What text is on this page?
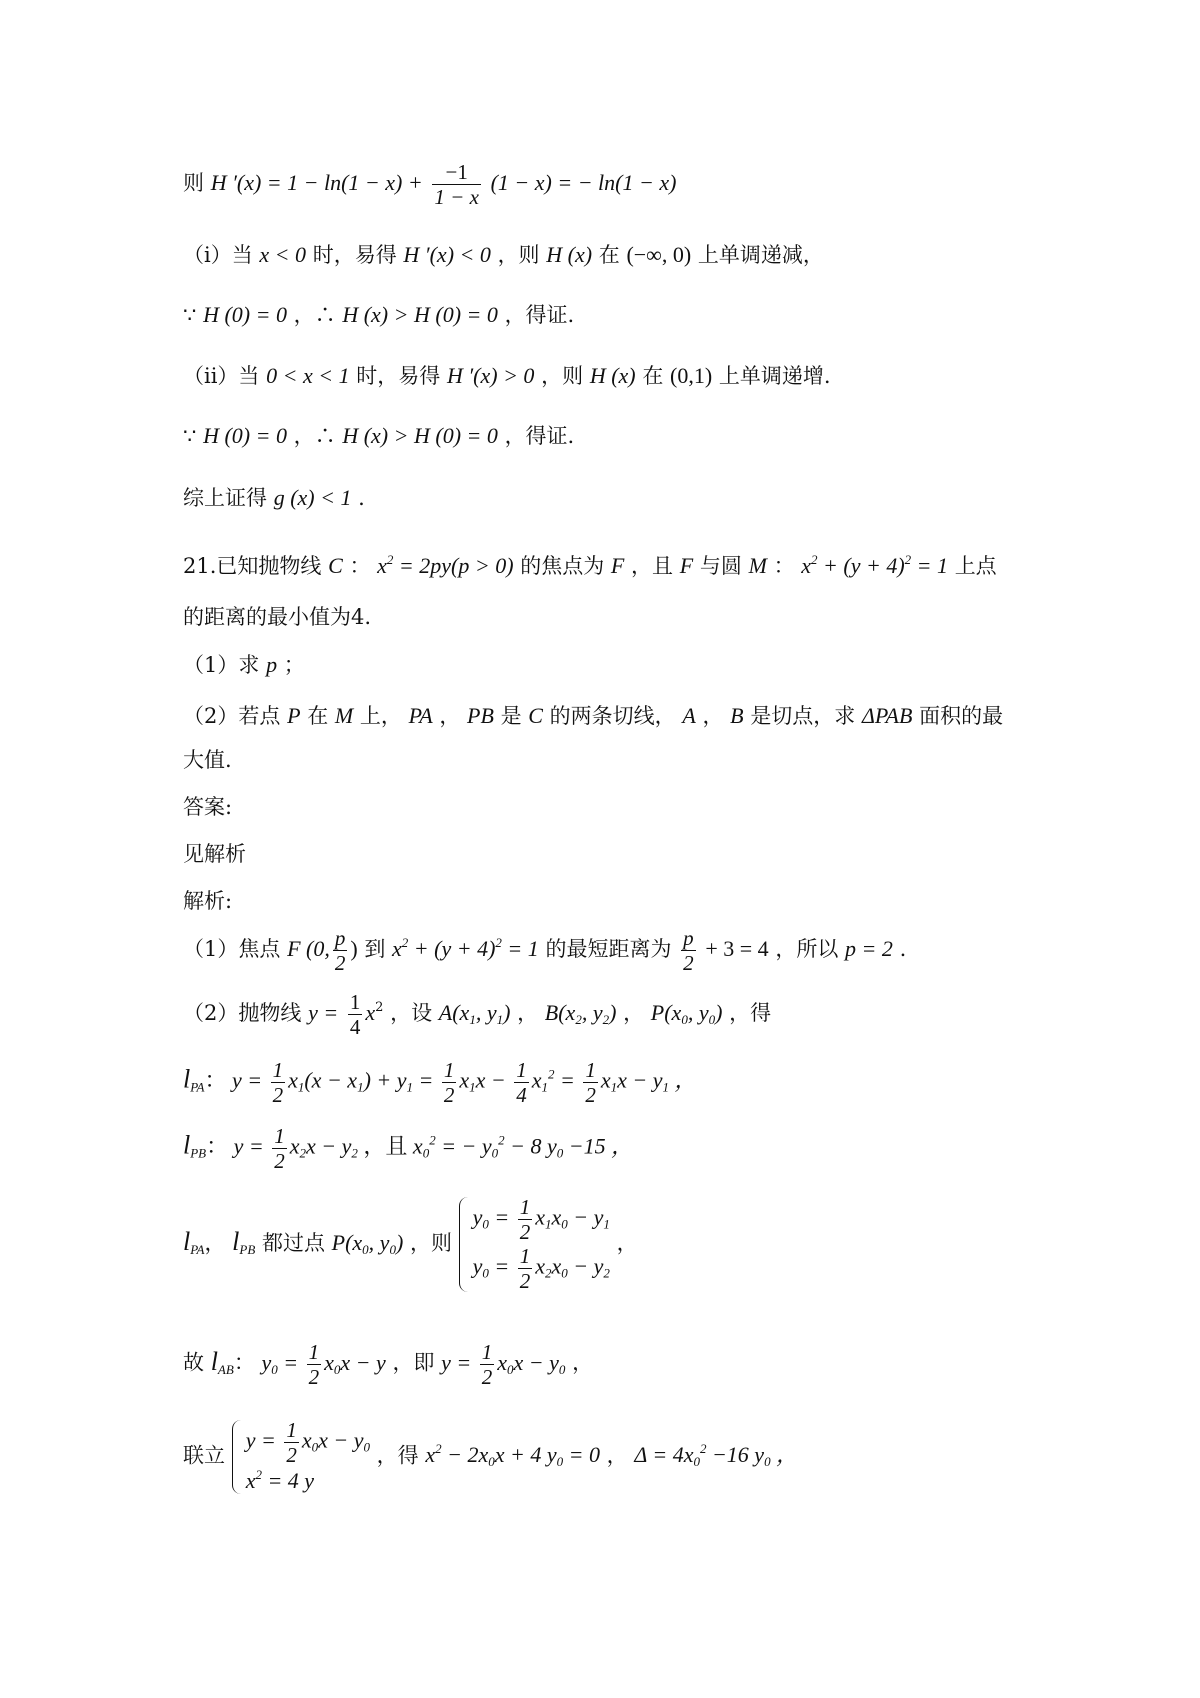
则 H $'(x) = 1 - \ln(1 - x) + \frac{-1}{1 - x} (1 - x)$ = − ln(1 − x)
（i）当 x < 0 时，易得 H ′(x) < 0 ，则 H (x) 在 (−∞, 0) 上单调递减，
∵ H (0) = 0 ，∴ H (x) > H (0) = 0 ，得证.
（ii）当 0 < x < 1 时，易得 H ′(x) > 0 ，则 H (x) 在 (0,1) 上单调递增.
∵ H (0) = 0 ，∴ H (x) > H (0) = 0 ，得证.
综上证得 g (x) < 1 .
21.已知抛物线 C ： $x^2 = 2py(p > 0)$ 的焦点为 F ，且 F 与圆 M ： $x^2 + (y + 4)^2 = 1$ 上点
的距离的最小值为4.
（1）求 p ；
（2）若点 P 在 M 上， PA ， PB 是 C 的两条切线， A ， B 是切点，求 ΔPAB 面积的最
大值.
答案:
见解析
解析:
（1）焦点 F (0, $\frac{p}{2}$ ) 到 $x^2 + (y + 4)^2 = 1$ 的最短距离为 $\frac{p}{2} + 3 = 4$ ，所以 p = 2 .
（2）抛物线 $y = \frac{1}{4} x^2$ ，设 $A(x_1$, $y_1$) ， $B(x_2$, $y_2$) ， $P(x_0$, $y_0$) ，得
$l_{PA}$： $y = \frac{1}{2} x_1(x - x_1) + y_1 = \frac{1}{2} x_1x - \frac{1}{4} x_1^2 = \frac{1}{2} x_1x - y_1$ ，
$l_{PB}$： $y = \frac{1}{2} x_2x - y_2$ ，且 $x_0^2$ = − $y_0^2 - 8$ $y_0 -15$ ，
$l_{PA}$， $l_{PB}$ 都过点 $P(x_0$, $y_0$) ，则
$y_0 = \frac{1}{2} x_1x_0 - y_1$
$y_0 = \frac{1}{2} x_2x_0 - y_2$
，
故 $l_{AB}$： $y_0 = \frac{1}{2} x_0x - y$ ，即 $y = \frac{1}{2} x_0x - y_0$ ，
联立
$y = \frac{1}{2} x_0x - y_0$
$x^2 = 4$ y
，得 $x^2 - 2x_0x + 4$ $y_0 = 0$ ， $\Delta = 4x_0^2 -16$ $y_0$ ，
